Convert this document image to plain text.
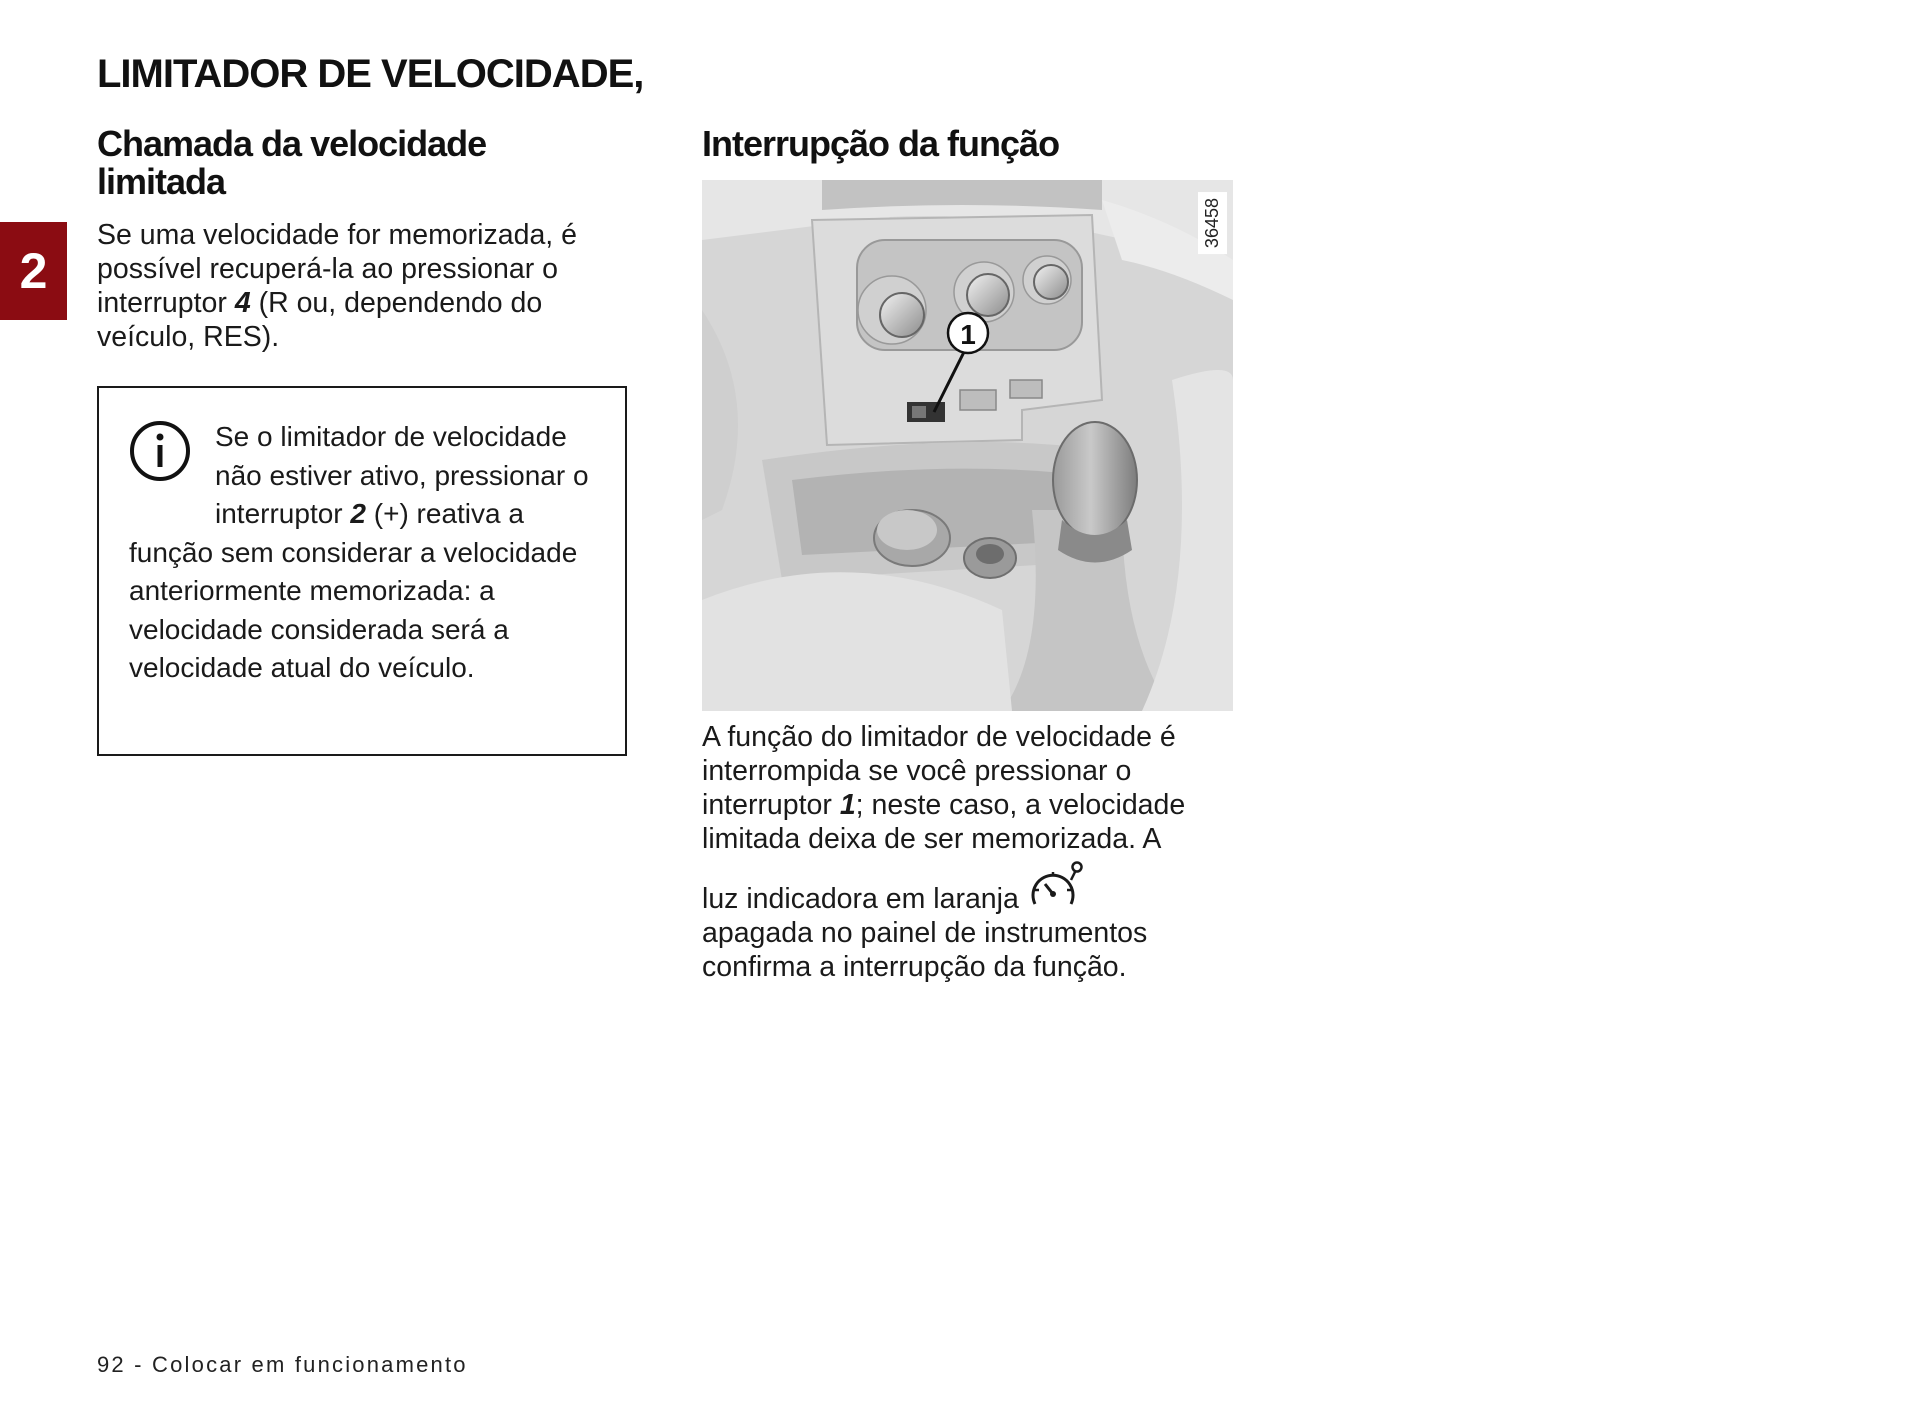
LIMITADOR DE VELOCIDADE,
2
Chamada da velocidade limitada

Se uma velocidade for memorizada, é possível recuperá-la ao pressionar o interruptor 4 (R ou, dependendo do veículo, RES).

Se o limitador de velocidade não estiver ativo, pressionar o interruptor 2 (+) reativa a função sem considerar a velocidade anteriormente memorizada: a velocidade considerada será a velocidade atual do veículo.

Interrupção da função
1
36458

A função do limitador de velocidade é interrompida se você pressionar o interruptor 1; neste caso, a velocidade limitada deixa de ser memorizada. A
luz indicadora em laranja
apagada no painel de instrumentos confirma a interrupção da função.

92 - Colocar em funcionamento
